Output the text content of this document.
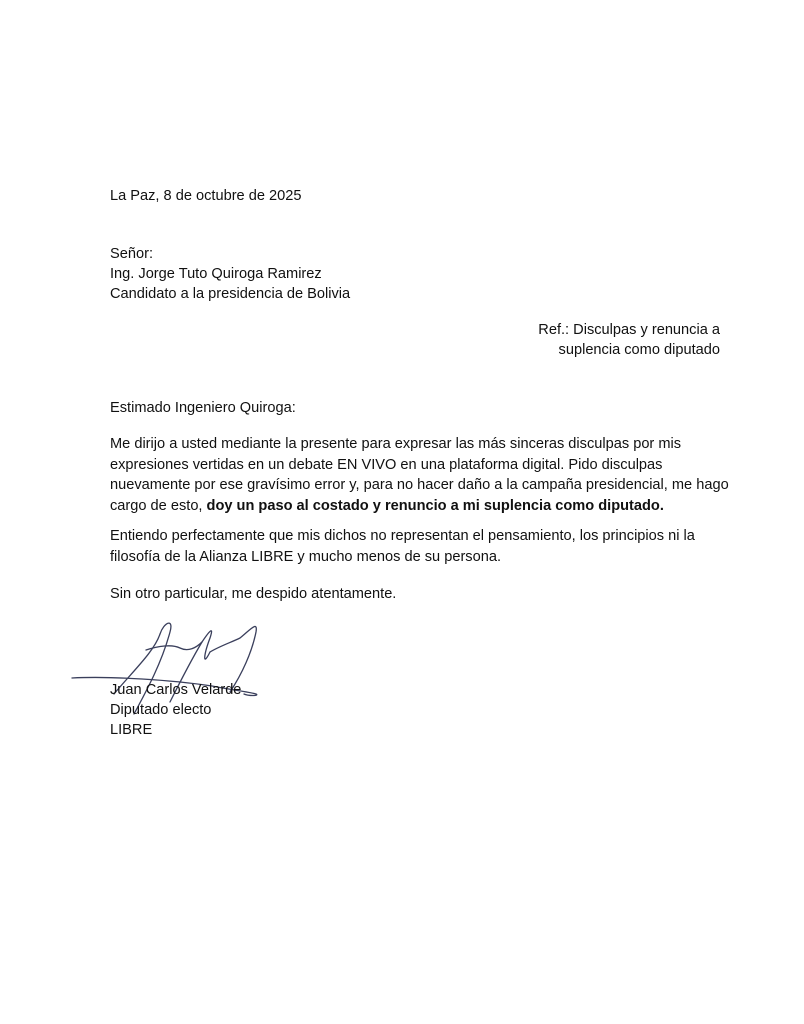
La Paz, 8 de octubre de 2025
Señor:
Ing. Jorge Tuto Quiroga Ramirez
Candidato a la presidencia de Bolivia
Ref.: Disculpas y renuncia a
suplencia como diputado
Estimado Ingeniero Quiroga:
Me dirijo a usted mediante la presente para expresar las más sinceras disculpas por mis expresiones vertidas en un debate EN VIVO en una plataforma digital. Pido disculpas nuevamente por ese gravísimo error y, para no hacer daño a la campaña presidencial, me hago cargo de esto, doy un paso al costado y renuncio a mi suplencia como diputado.
Entiendo perfectamente que mis dichos no representan el pensamiento, los principios ni la filosofía de la Alianza LIBRE y mucho menos de su persona.
Sin otro particular, me despido atentamente.
Juan Carlos Velarde
Diputado electo
LIBRE
